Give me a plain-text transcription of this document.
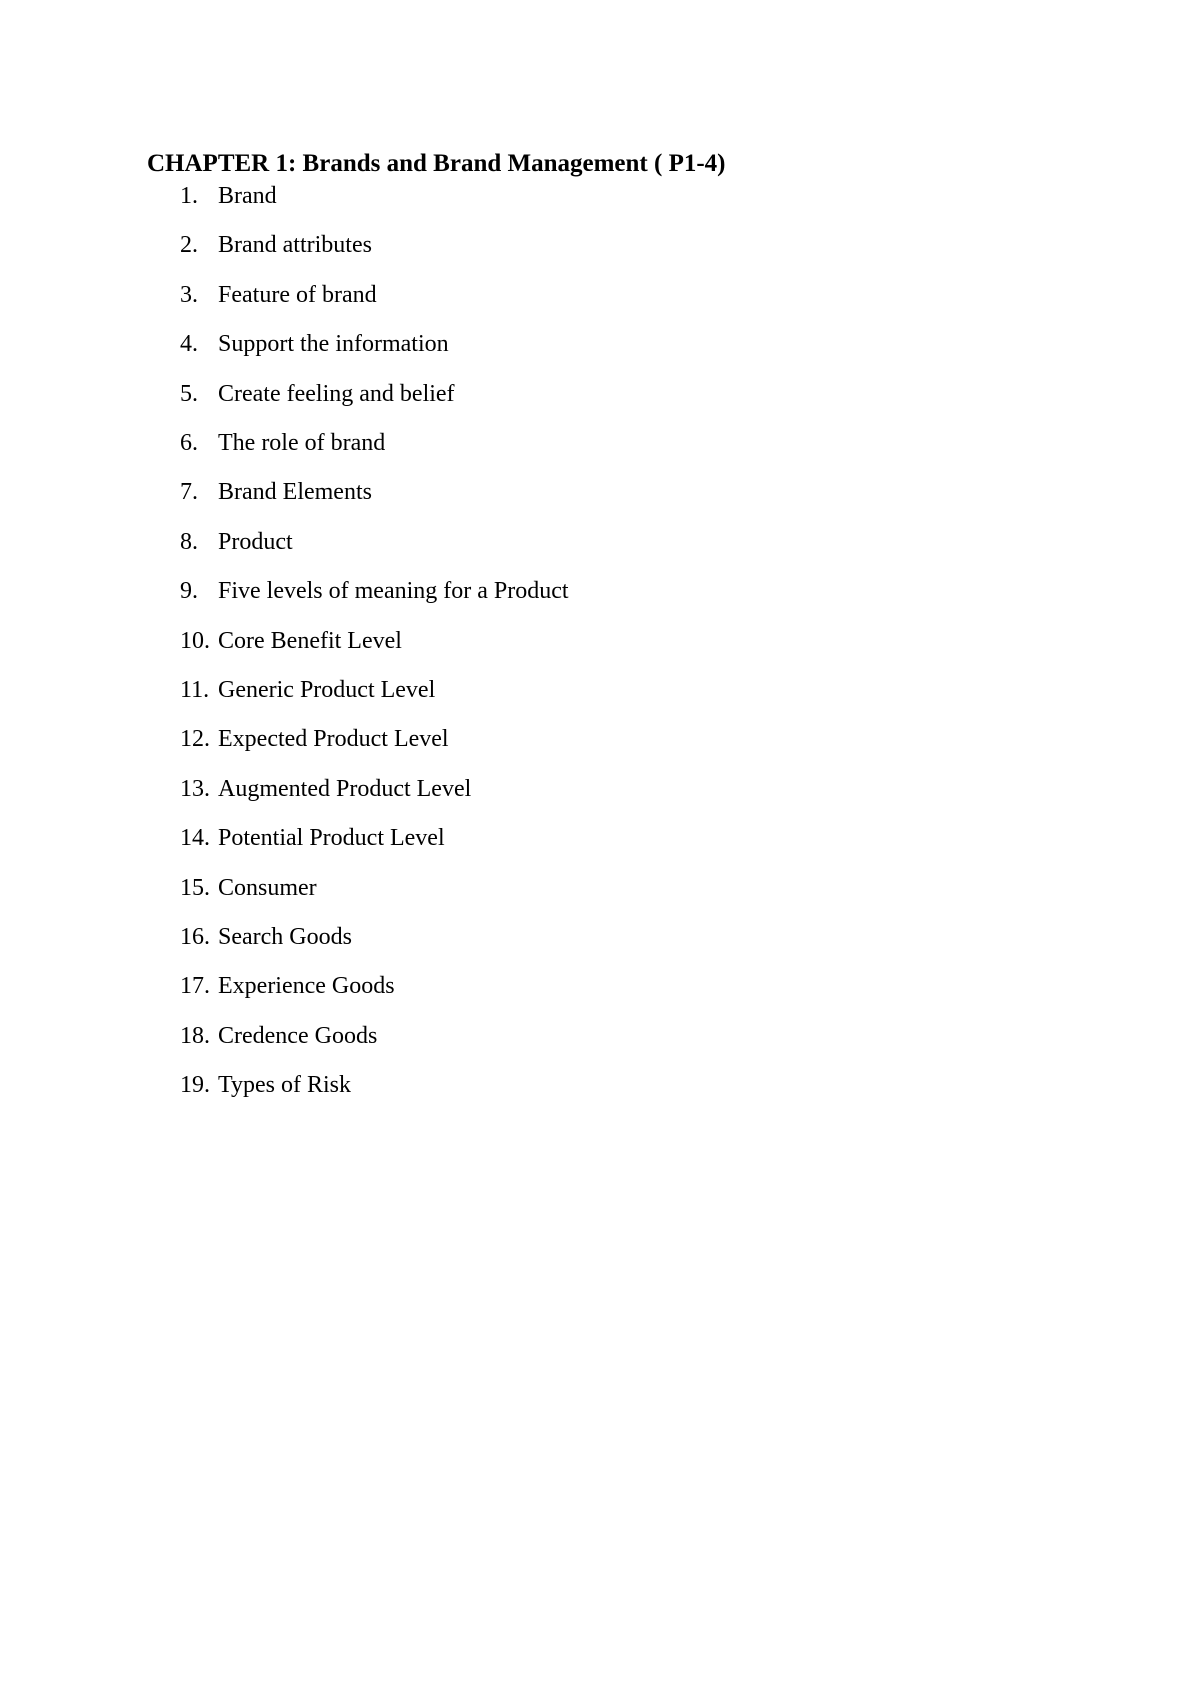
CHAPTER 1: Brands and Brand Management ( P1-4)
1. Brand
2. Brand attributes
3. Feature of brand
4. Support the information
5. Create feeling and belief
6. The role of brand
7. Brand Elements
8. Product
9. Five levels of meaning for a Product
10. Core Benefit Level
11. Generic Product Level
12. Expected Product Level
13. Augmented Product Level
14. Potential Product Level
15. Consumer
16. Search Goods
17. Experience Goods
18. Credence Goods
19. Types of Risk
